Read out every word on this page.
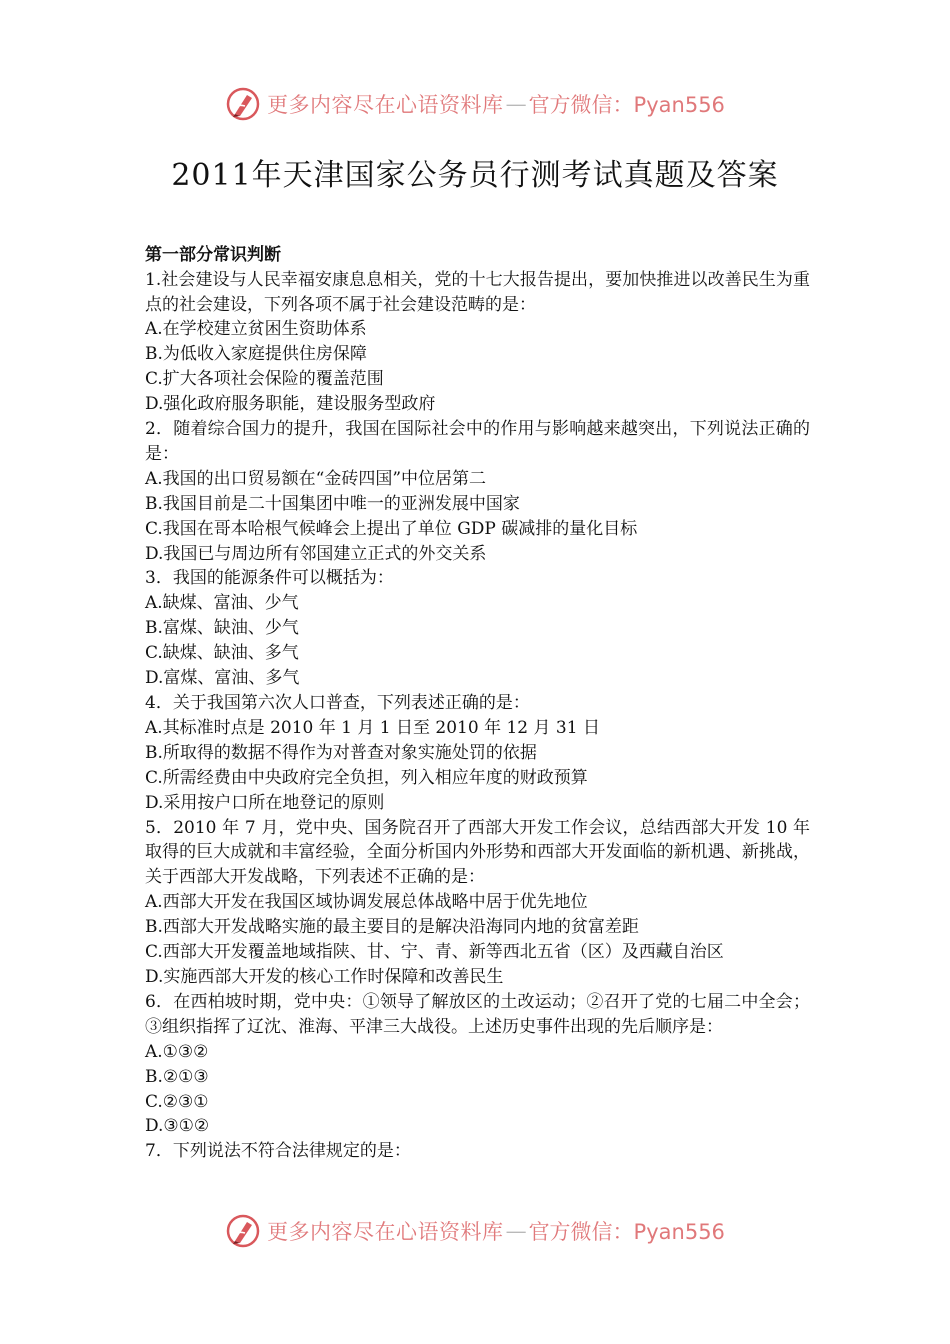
更多内容尽在心语资料库 — 官方微信：Pyan556
2011年天津国家公务员行测考试真题及答案
第一部分常识判断
1.社会建设与人民幸福安康息息相关，党的十七大报告提出，要加快推进以改善民生为重点的社会建设，下列各项不属于社会建设范畴的是：
A.在学校建立贫困生资助体系
B.为低收入家庭提供住房保障
C.扩大各项社会保险的覆盖范围
D.强化政府服务职能，建设服务型政府
2．随着综合国力的提升，我国在国际社会中的作用与影响越来越突出，下列说法正确的是：
A.我国的出口贸易额在“金砖四国”中位居第二
B.我国目前是二十国集团中唯一的亚洲发展中国家
C.我国在哥本哈根气候峰会上提出了单位 GDP 碳减排的量化目标
D.我国已与周边所有邻国建立正式的外交关系
3．我国的能源条件可以概括为：
A.缺煤、富油、少气
B.富煤、缺油、少气
C.缺煤、缺油、多气
D.富煤、富油、多气
4．关于我国第六次人口普查，下列表述正确的是：
A.其标准时点是 2010 年 1 月 1 日至 2010 年 12 月 31 日
B.所取得的数据不得作为对普查对象实施处罚的依据
C.所需经费由中央政府完全负担，列入相应年度的财政预算
D.采用按户口所在地登记的原则
5．2010 年 7 月，党中央、国务院召开了西部大开发工作会议，总结西部大开发 10 年取得的巨大成就和丰富经验，全面分析国内外形势和西部大开发面临的新机遇、新挑战，关于西部大开发战略，下列表述不正确的是：
A.西部大开发在我国区域协调发展总体战略中居于优先地位
B.西部大开发战略实施的最主要目的是解决沿海同内地的贫富差距
C.西部大开发覆盖地域指陕、甘、宁、青、新等西北五省（区）及西藏自治区
D.实施西部大开发的核心工作时保障和改善民生
6．在西柏坡时期，党中央：①领导了解放区的土改运动；②召开了党的七届二中全会；③组织指挥了辽沈、淮海、平津三大战役。上述历史事件出现的先后顺序是：
A.①③②
B.②①③
C.②③①
D.③①②
7．下列说法不符合法律规定的是：
更多内容尽在心语资料库 — 官方微信：Pyan556
